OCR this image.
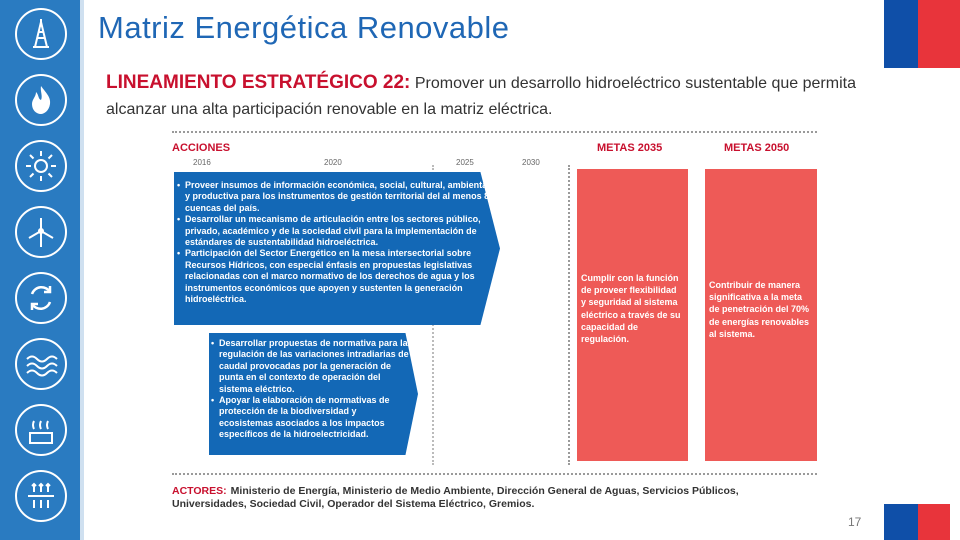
Matriz Energética Renovable
LINEAMIENTO ESTRATÉGICO 22: Promover un desarrollo hidroeléctrico sustentable que permita alcanzar una alta participación renovable en la matriz eléctrica.
ACCIONES	METAS 2035	METAS 2050
2016	2020	2025	2030
• Proveer insumos de información económica, social, cultural, ambiental y productiva para los instrumentos de gestión territorial del al menos 8 cuencas del país.
• Desarrollar un mecanismo de articulación entre los sectores público, privado, académico y de la sociedad civil para la implementación de estándares de sustentabilidad hidroeléctrica.
• Participación del Sector Energético en la mesa intersectorial sobre Recursos Hídricos, con especial énfasis en propuestas legislativas relacionadas con el marco normativo de los derechos de agua y los instrumentos económicos que apoyen y sustenten la generación hidroeléctrica.
• Desarrollar propuestas de normativa para la regulación de las variaciones intradiarias de caudal provocadas por la generación de punta en el contexto de operación del sistema eléctrico.
• Apoyar la elaboración de normativas de protección de la biodiversidad y ecosistemas asociados a los impactos específicos de la hidroelectricidad.
Cumplir con la función de proveer flexibilidad y seguridad al sistema eléctrico a través de su capacidad de regulación.
Contribuir de manera significativa a la meta de penetración del 70% de energías renovables al sistema.
ACTORES: Ministerio de Energía, Ministerio de Medio Ambiente, Dirección General de Aguas, Servicios Públicos, Universidades, Sociedad Civil, Operador del Sistema Eléctrico, Gremios.
17
